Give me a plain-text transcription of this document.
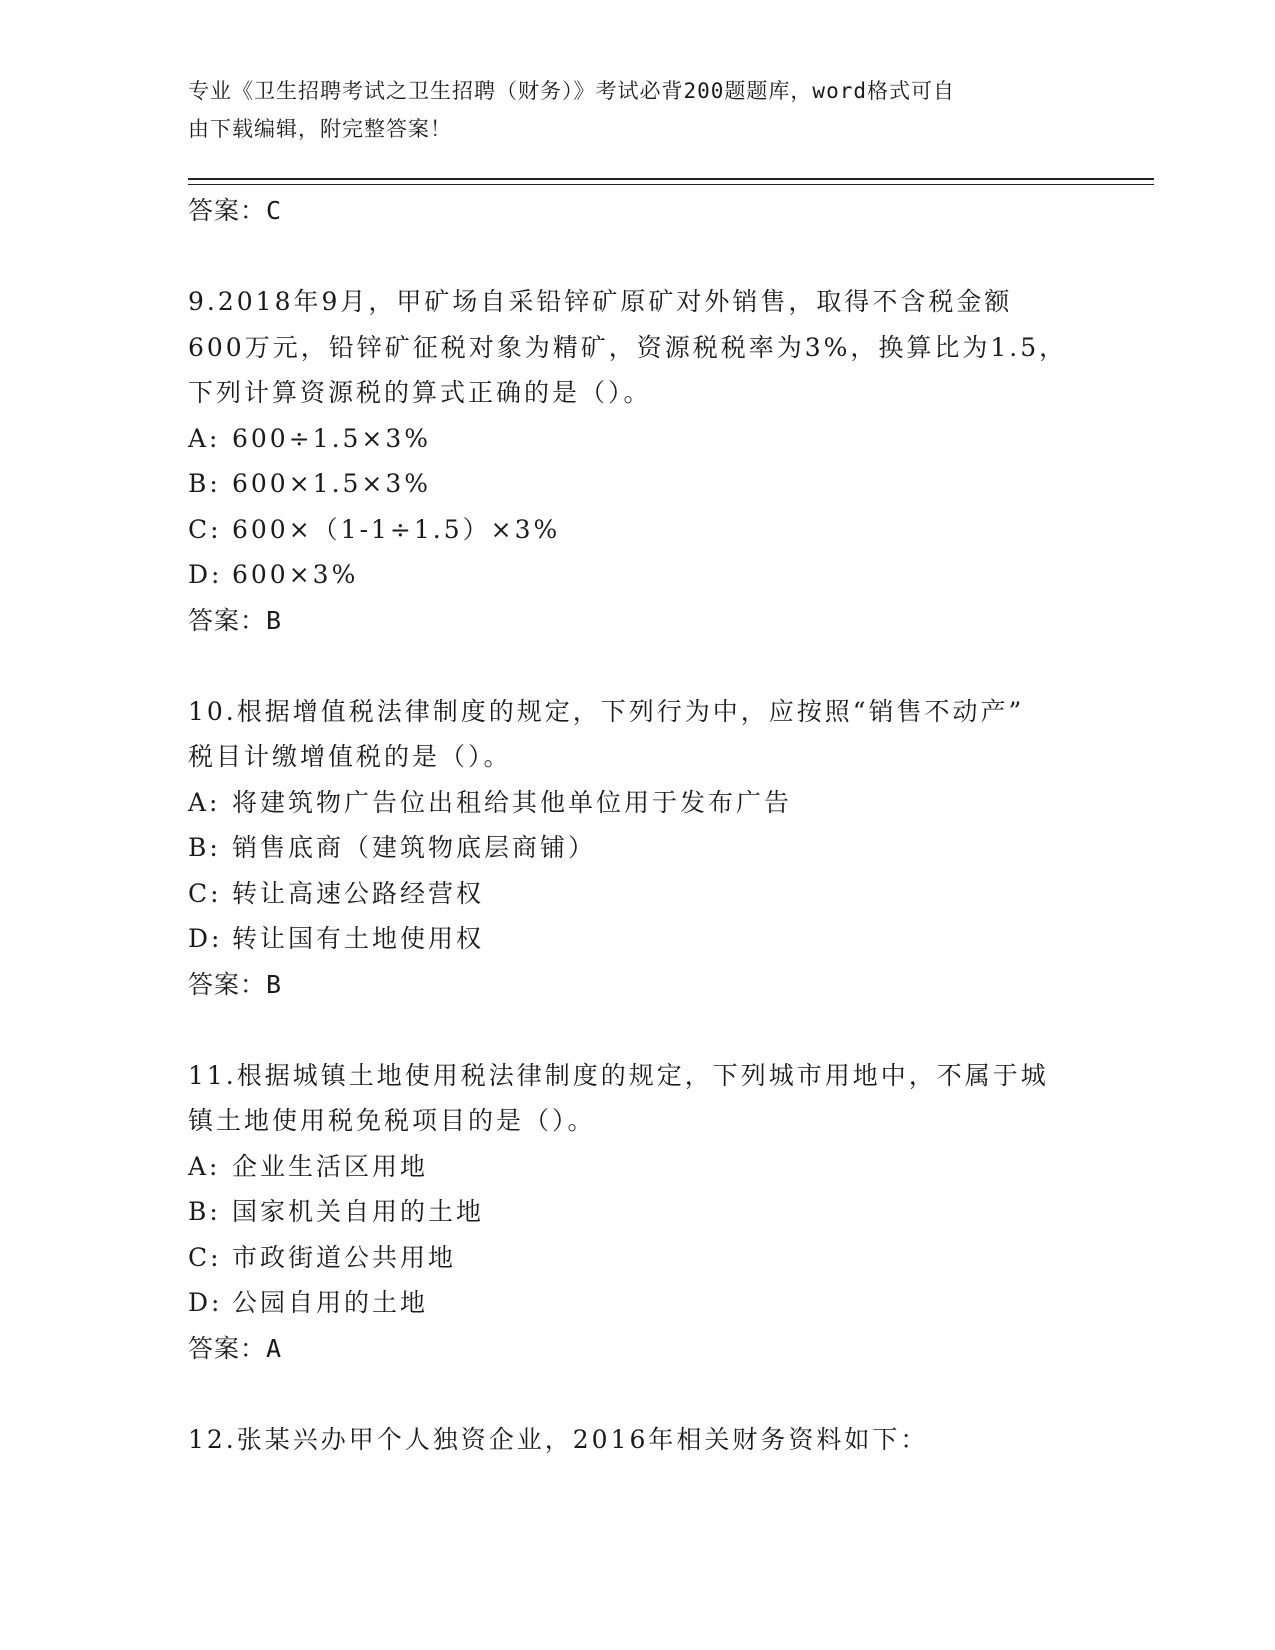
专业《卫生招聘考试之卫生招聘（财务）》考试必背200题题库，word格式可自
由下载编辑，附完整答案！
答案：C
9.2018年9月，甲矿场自采铅锌矿原矿对外销售，取得不含税金额
600万元，铅锌矿征税对象为精矿，资源税税率为3%，换算比为1.5，
下列计算资源税的算式正确的是（）。
A: 600÷1.5×3%
B: 600×1.5×3%
C: 600×（1-1÷1.5）×3%
D: 600×3%
答案：B
10.根据增值税法律制度的规定，下列行为中，应按照“销售不动产”
税目计缴增值税的是（）。
A: 将建筑物广告位出租给其他单位用于发布广告
B: 销售底商（建筑物底层商铺）
C: 转让高速公路经营权
D: 转让国有土地使用权
答案：B
11.根据城镇土地使用税法律制度的规定，下列城市用地中，不属于城
镇土地使用税免税项目的是（）。
A: 企业生活区用地
B: 国家机关自用的土地
C: 市政街道公共用地
D: 公园自用的土地
答案：A
12.张某兴办甲个人独资企业，2016年相关财务资料如下：
